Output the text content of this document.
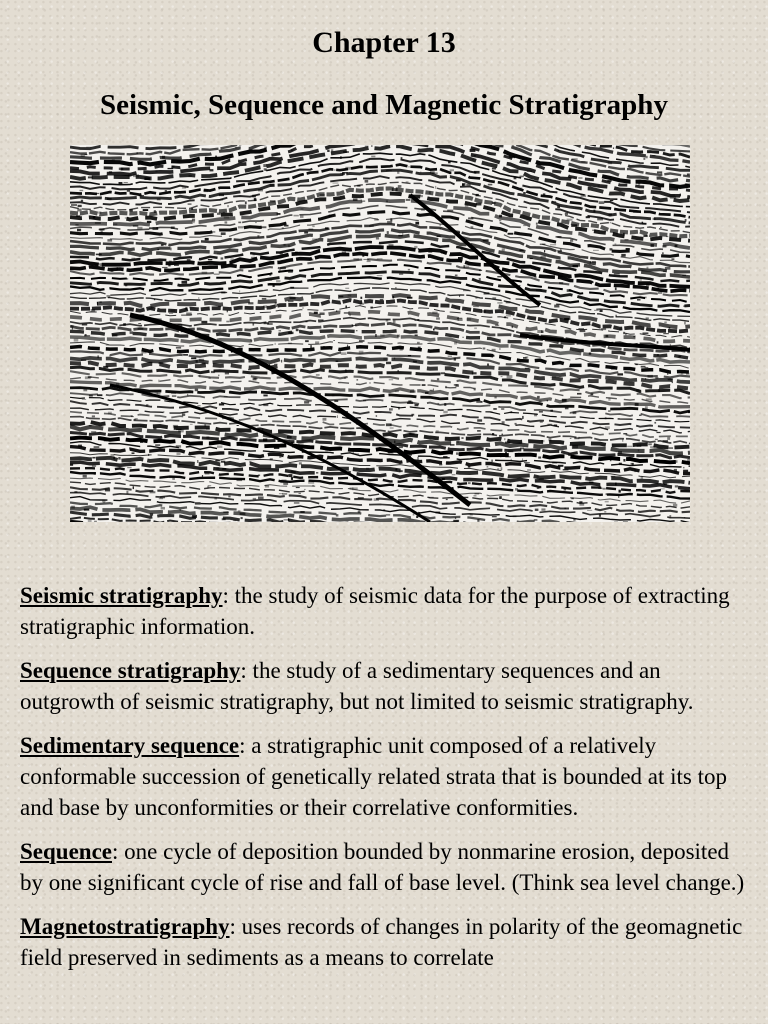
Chapter 13
Seismic, Sequence and Magnetic Stratigraphy

Seismic stratigraphy: the study of seismic data for the purpose of extracting stratigraphic information.

Sequence stratigraphy: the study of a sedimentary sequences and an outgrowth of seismic stratigraphy, but not limited to seismic stratigraphy.

Sedimentary sequence: a stratigraphic unit composed of a relatively conformable succession of genetically related strata that is bounded at its top and base by unconformities or their correlative conformities.

Sequence: one cycle of deposition bounded by nonmarine erosion, deposited by one significant cycle of rise and fall of base level. (Think sea level change.)

Magnetostratigraphy: uses records of changes in polarity of the geomagnetic field preserved in sediments as a means to correlate
